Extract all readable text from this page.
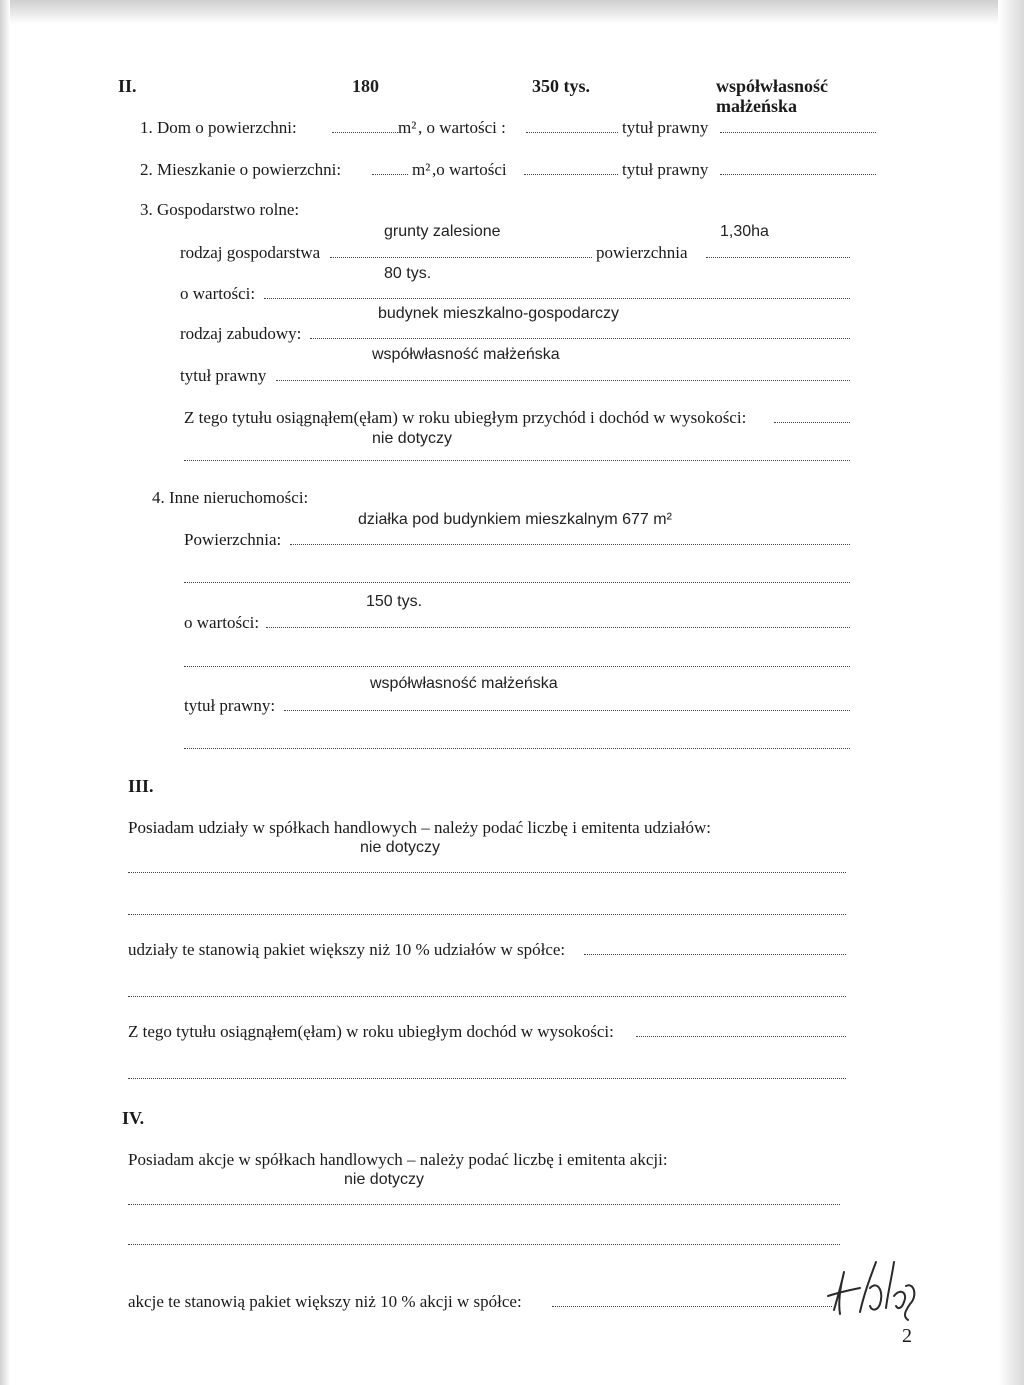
II.	180	350 tys.	współwłasność
małżeńska
1. Dom o powierzchni:	m² , o wartości :	tytuł prawny
2. Mieszkanie o powierzchni:	m² ,o wartości	tytuł prawny
3. Gospodarstwo rolne:
grunty zalesione	1,30ha
rodzaj gospodarstwa	powierzchnia
80 tys.
o wartości:
budynek mieszkalno-gospodarczy
rodzaj zabudowy:
współwłasność małżeńska
tytuł prawny
Z tego tytułu osiągnąłem(ęłam) w roku ubiegłym przychód i dochód w wysokości:
nie dotyczy
4. Inne nieruchomości:
działka pod budynkiem mieszkalnym 677 m²
Powierzchnia:
150 tys.
o wartości:
współwłasność małżeńska
tytuł prawny:
III.
Posiadam udziały w spółkach handlowych – należy podać liczbę i emitenta udziałów:
nie dotyczy
udziały te stanowią pakiet większy niż 10 % udziałów w spółce:
Z tego tytułu osiągnąłem(ęłam) w roku ubiegłym dochód w wysokości:
IV.
Posiadam akcje w spółkach handlowych – należy podać liczbę i emitenta akcji:
nie dotyczy
akcje te stanowią pakiet większy niż 10 % akcji w spółce:
2
